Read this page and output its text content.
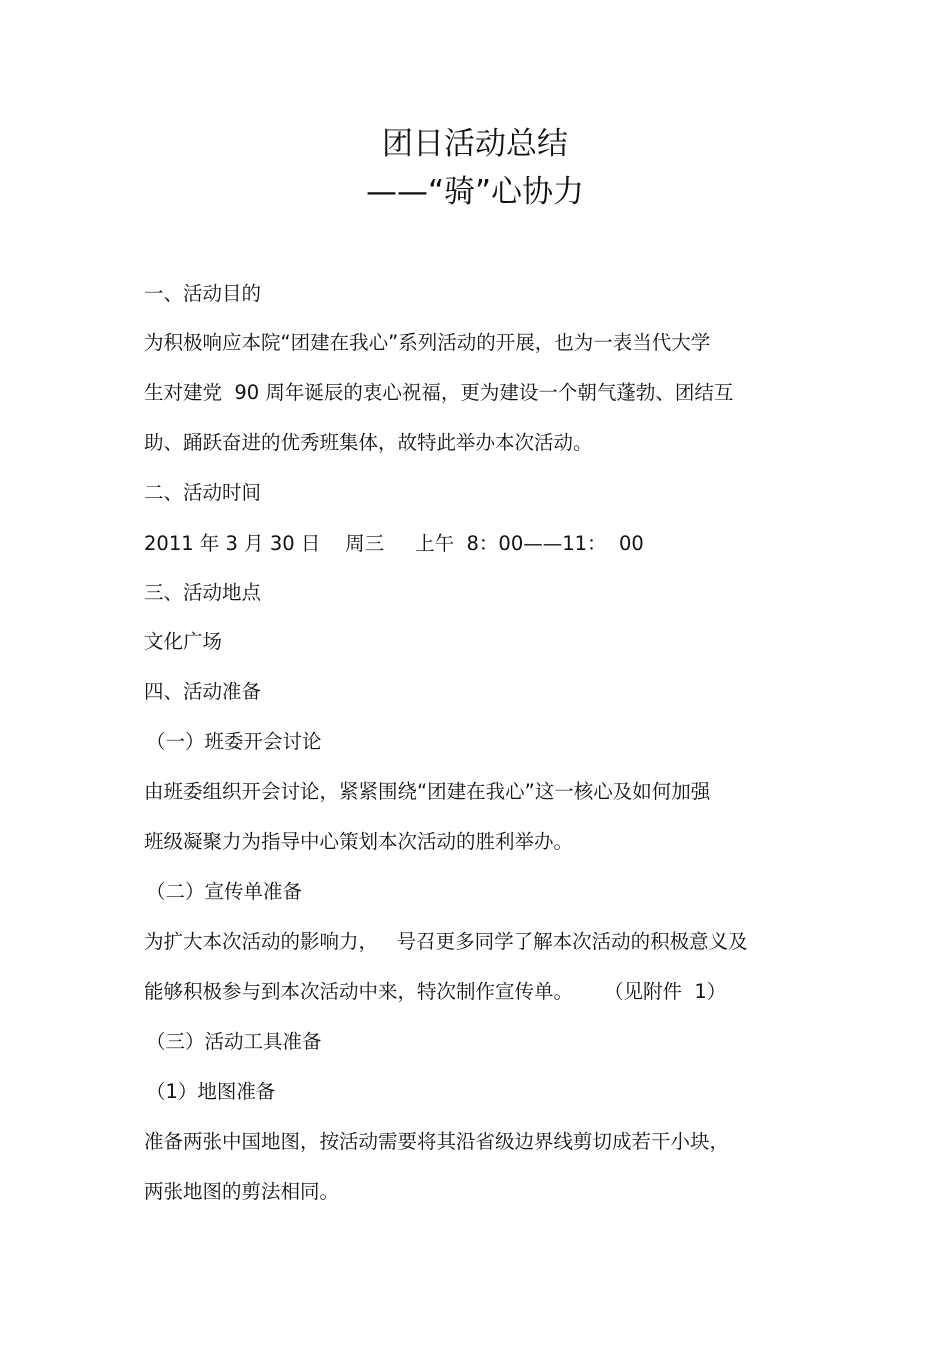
团日活动总结
——“骑”心协力

一、活动目的

为积极响应本院“团建在我心”系列活动的开展，也为一表当代大学

生对建党  90 周年诞辰的衷心祝福，更为建设一个朝气蓬勃、团结互

助、踊跃奋进的优秀班集体，故特此举办本次活动。

二、活动时间

2011 年 3 月 30 日    周三     上午  8：00——11：  00

三、活动地点

文化广场

四、活动准备

（一）班委开会讨论

由班委组织开会讨论，紧紧围绕“团建在我心”这一核心及如何加强

班级凝聚力为指导中心策划本次活动的胜利举办。

（二）宣传单准备

为扩大本次活动的影响力，   号召更多同学了解本次活动的积极意义及

能够积极参与到本次活动中来，特次制作宣传单。     （见附件  1）

（三）活动工具准备

（1）地图准备

准备两张中国地图，按活动需要将其沿省级边界线剪切成若干小块，

两张地图的剪法相同。
